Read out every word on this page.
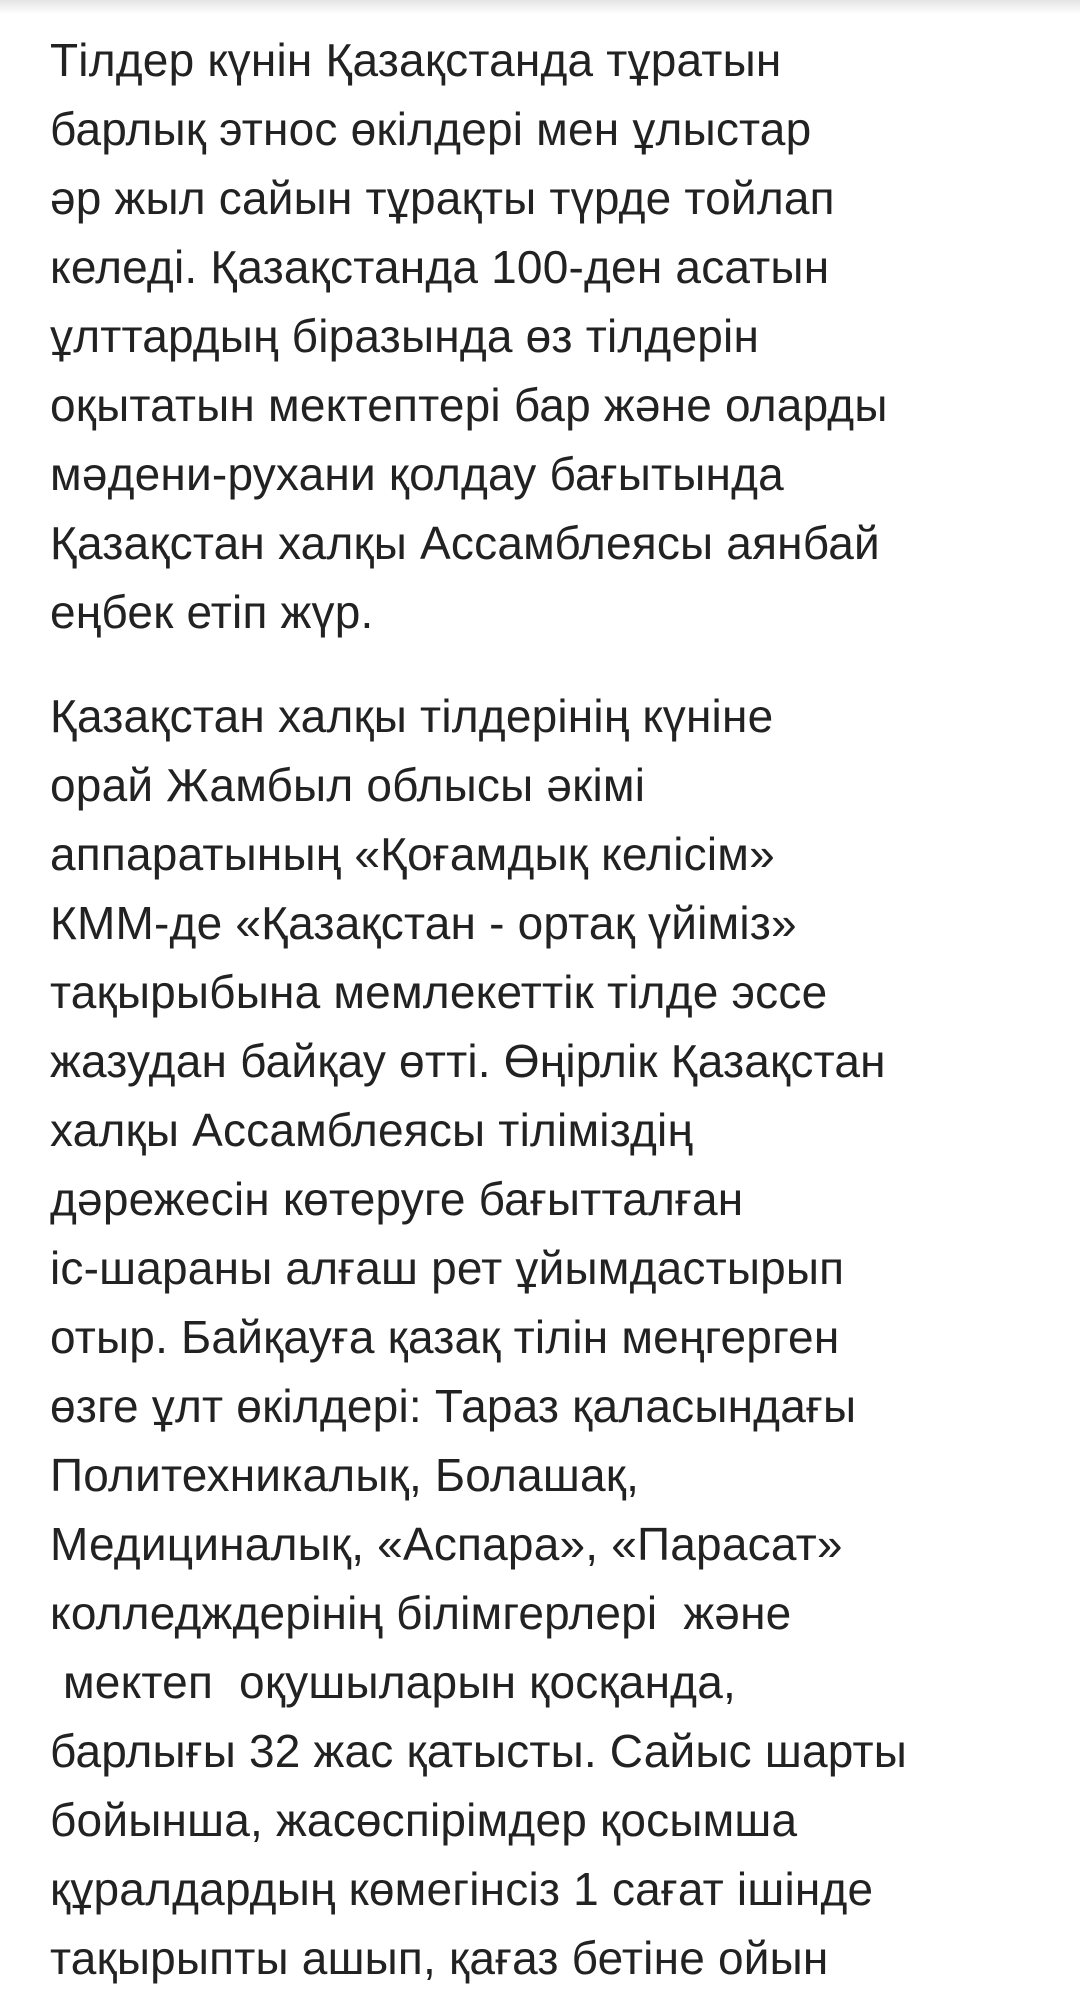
Тілдер күнін Қазақстанда тұратын
барлық этнос өкілдері мен ұлыстар
әр жыл сайын тұрақты түрде тойлап
келеді. Қазақстанда 100-ден асатын
ұлттардың біразында өз тілдерін
оқытатын мектептері бар және оларды
мәдени-рухани қолдау бағытында
Қазақстан халқы Ассамблеясы аянбай
еңбек етіп жүр.
Қазақстан халқы тілдерінің күніне
орай Жамбыл облысы әкімі
аппаратының «Қоғамдық келісім»
КММ-де «Қазақстан - ортақ үйіміз»
тақырыбына мемлекеттік тілде эссе
жазудан байқау өтті. Өңірлік Қазақстан
халқы Ассамблеясы тіліміздің
дәрежесін көтеруге бағытталған
іс-шараны алғаш рет ұйымдастырып
отыр. Байқауға қазақ тілін меңгерген
өзге ұлт өкілдері: Тараз қаласындағы
Политехникалық, Болашақ,
Медициналық, «Аспара», «Парасат»
колледждерінің білімгерлері  және
мектеп  оқушыларын қосқанда,
барлығы 32 жас қатысты. Сайыс шарты
бойынша, жасөспірімдер қосымша
құралдардың көмегінсіз 1 сағат ішінде
тақырыпты ашып, қағаз бетіне ойын
